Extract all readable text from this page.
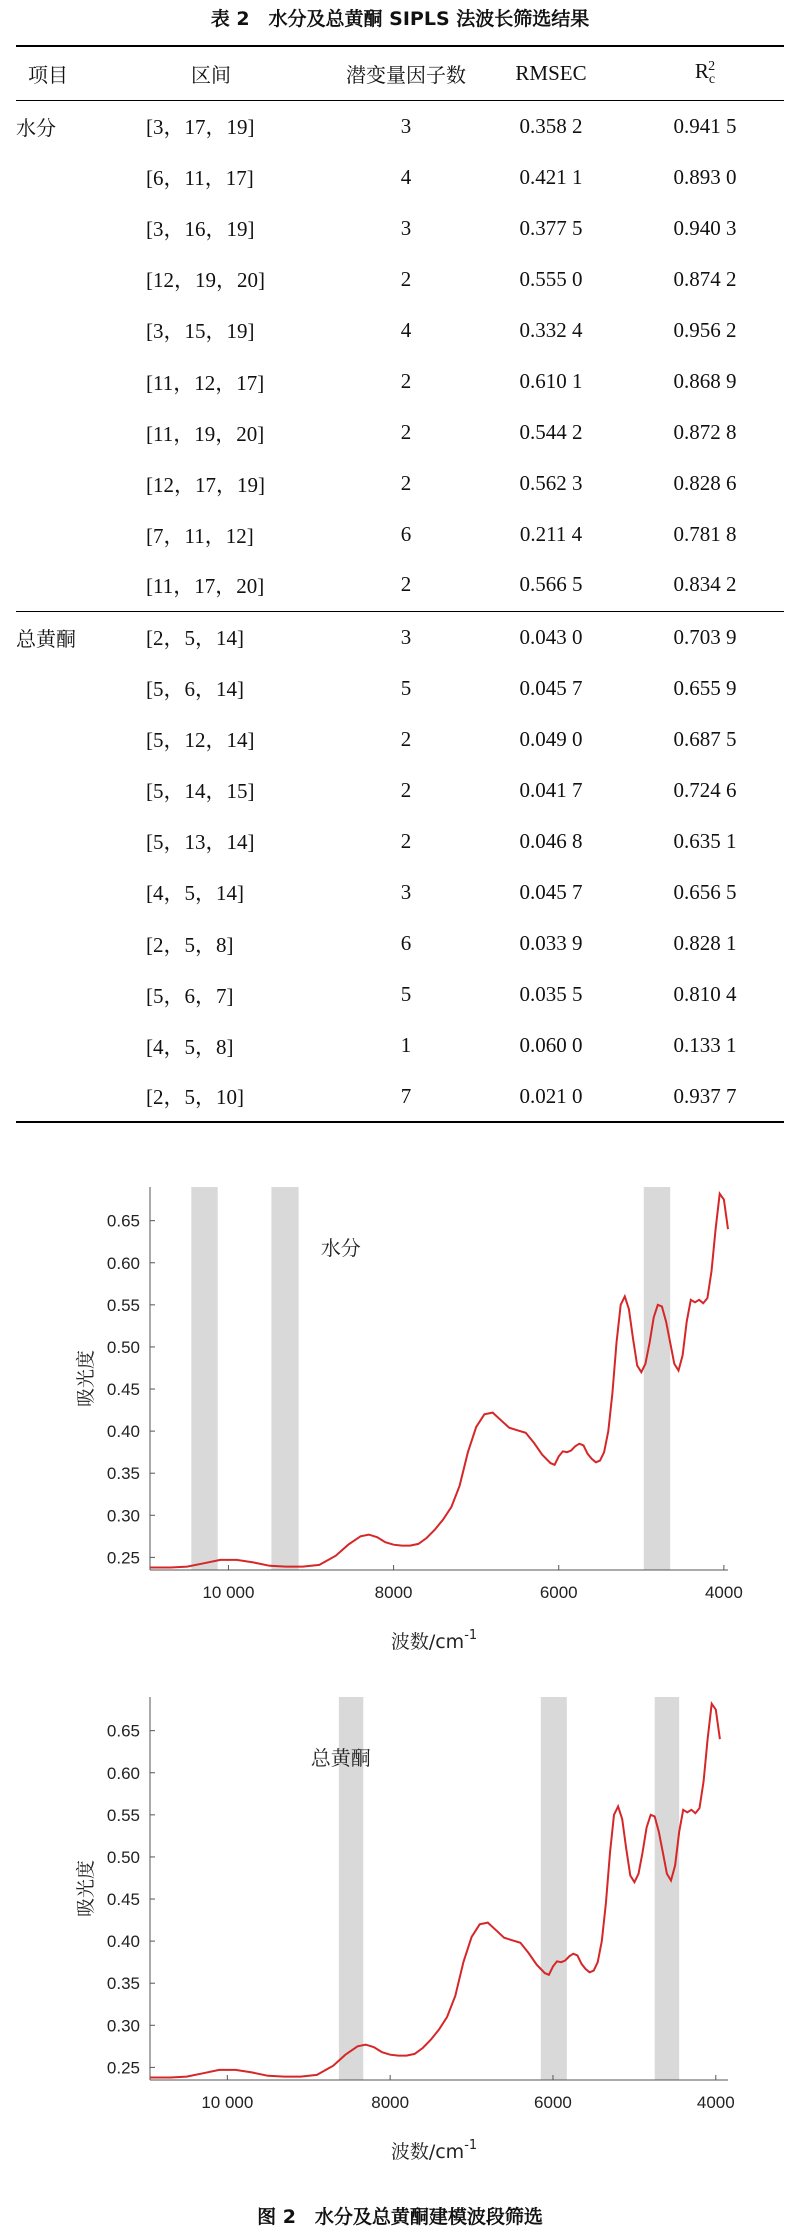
表 2　水分及总黄酮 SIPLS 法波长筛选结果
项目	区间	潜变量因子数	RMSEC	$R_c^2$
水分	[3，17，19]	3	0.358 2	0.941 5
	[6，11，17]	4	0.421 1	0.893 0
	[3，16，19]	3	0.377 5	0.940 3
	[12，19，20]	2	0.555 0	0.874 2
	[3，15，19]	4	0.332 4	0.956 2
	[11，12，17]	2	0.610 1	0.868 9
	[11，19，20]	2	0.544 2	0.872 8
	[12，17，19]	2	0.562 3	0.828 6
	[7，11，12]	6	0.211 4	0.781 8
	[11，17，20]	2	0.566 5	0.834 2
总黄酮	[2，5，14]	3	0.043 0	0.703 9
	[5，6，14]	5	0.045 7	0.655 9
	[5，12，14]	2	0.049 0	0.687 5
	[5，14，15]	2	0.041 7	0.724 6
	[5，13，14]	2	0.046 8	0.635 1
	[4，5，14]	3	0.045 7	0.656 5
	[2，5，8]	6	0.033 9	0.828 1
	[5，6，7]	5	0.035 5	0.810 4
	[4，5，8]	1	0.060 0	0.133 1
	[2，5，10]	7	0.021 0	0.937 7
0.25
0.30
0.35
0.40
0.45
0.50
0.55
0.60
0.65
10 000	8000	6000	4000
水分
吸光度
波数$/cm^{-1}$
0.25
0.30
0.35
0.40
0.45
0.50
0.55
0.60
0.65
10 000	8000	6000	4000
总黄酮
吸光度
波数$/cm^{-1}$
图 2　水分及总黄酮建模波段筛选
